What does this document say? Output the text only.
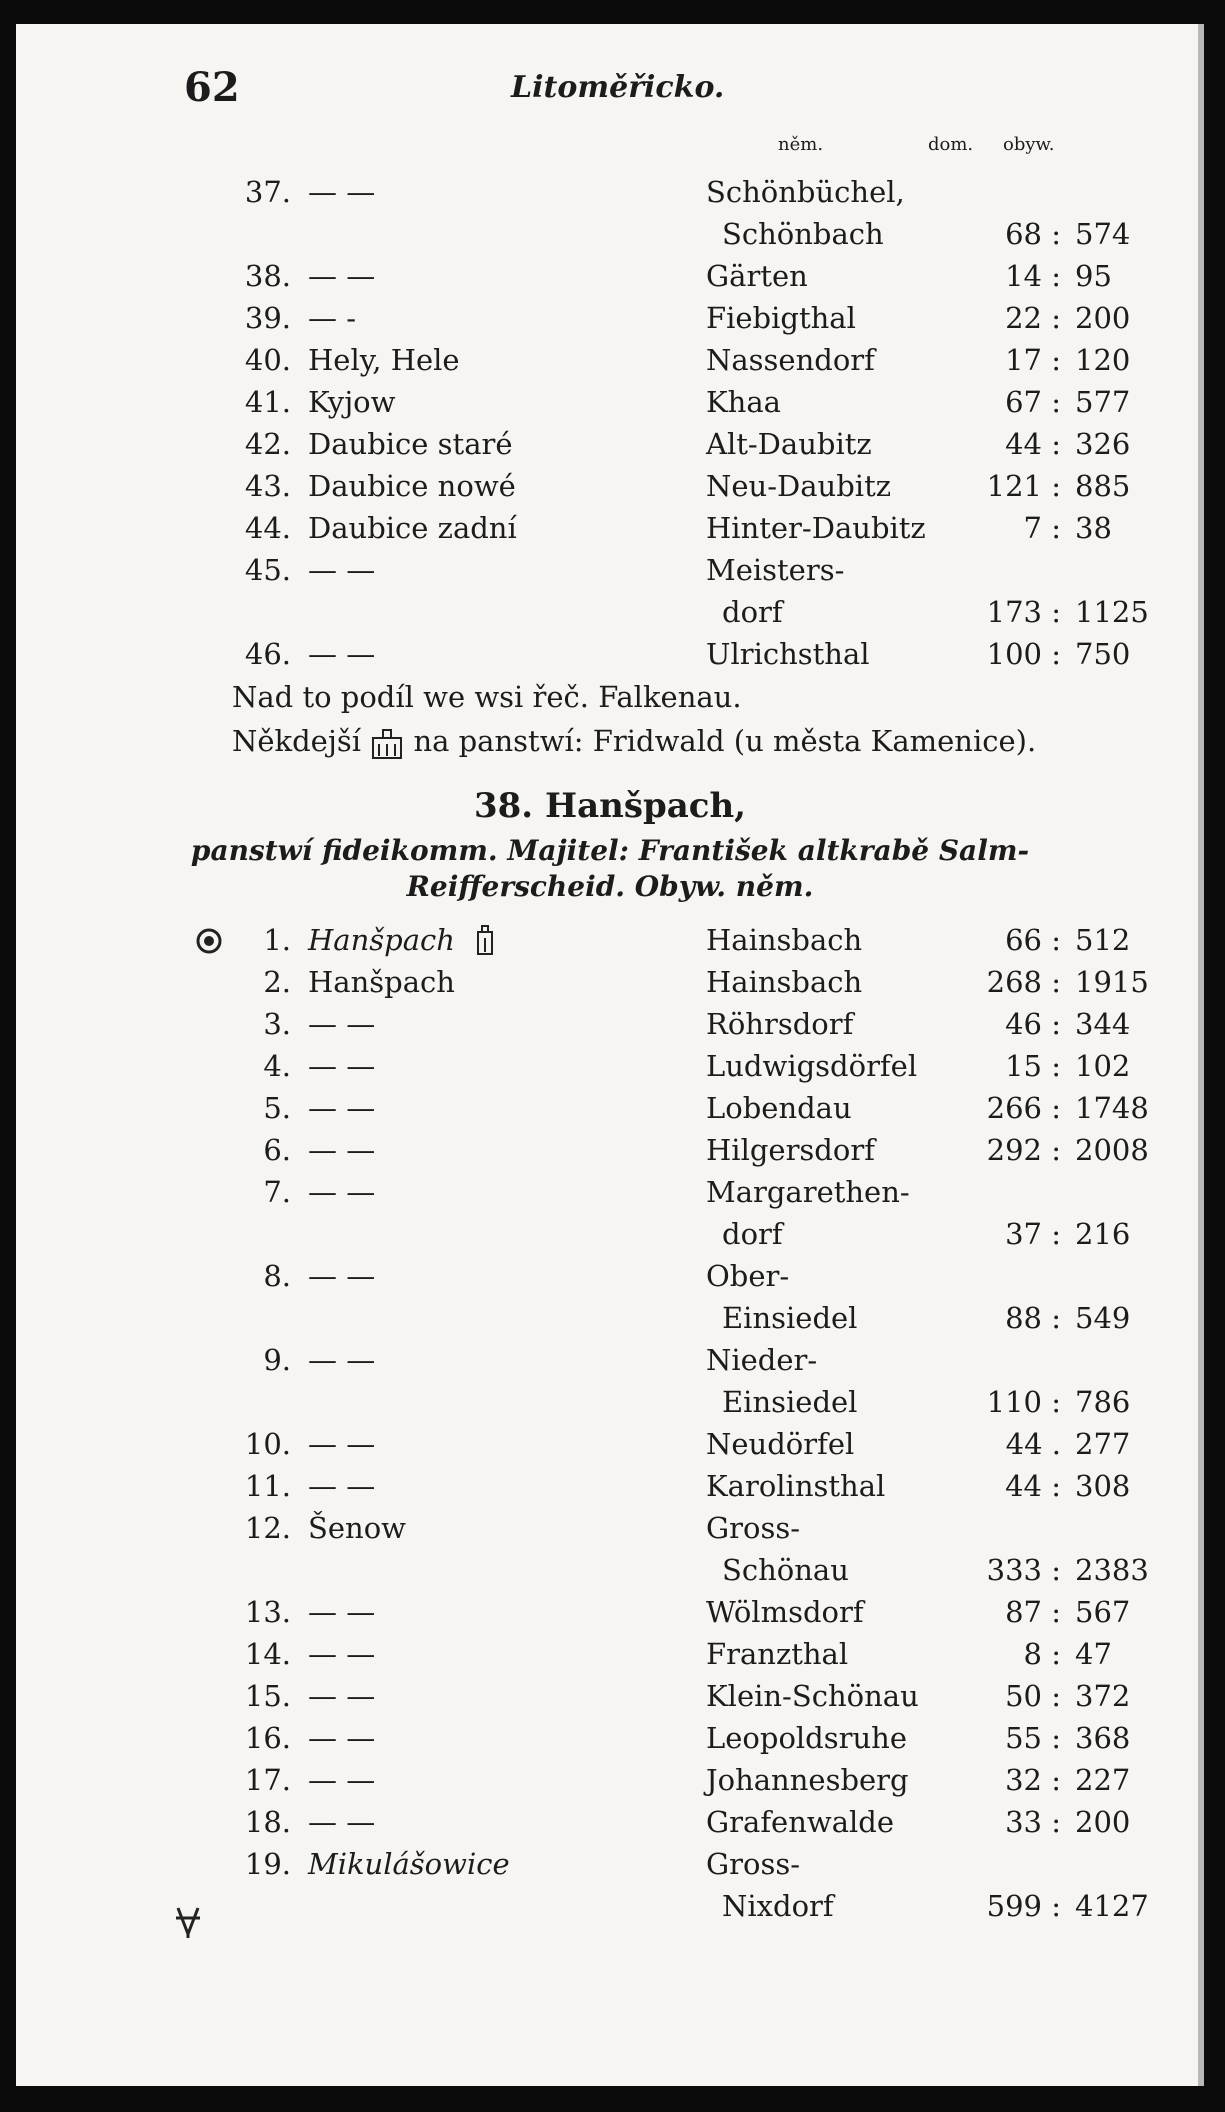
62	Litoměřicko.
něm.	dom. obyw.
37. — —	Schönbüchel,
Schönbach	68 : 574
38. — —	Gärten	14 : 95
39. — -	Fiebigthal	22 : 200
40. Hely, Hele	Nassendorf	17 : 120
41. Kyjow	Khaa	67 : 577
42. Daubice staré	Alt-Daubitz	44 : 326
43. Daubice nowé	Neu-Daubitz	121 : 885
44. Daubice zadní	Hinter-Daubitz	7 : 38
45. — —	Meisters-
dorf	173 : 1125
46. — —	Ulrichsthal	100 : 750
Nad to podíl we wsi řeč. Falkenau.
Někdejší na panstwí: Fridwald (u města Kamenice).
38. Hanšpach,
panstwí fideikomm. Majitel: František altkrabě Salm-
Reifferscheid. Obyw. něm.
1. Hanšpach	Hainsbach	66 : 512
2. Hanšpach	Hainsbach	268 : 1915
3. — —	Röhrsdorf	46 : 344
4. — —	Ludwigsdörfel	15 : 102
5. — —	Lobendau	266 : 1748
6. — —	Hilgersdorf	292 : 2008
7. — —	Margarethen-
dorf	37 : 216
8. — —	Ober-
Einsiedel	88 : 549
9. — —	Nieder-
Einsiedel	110 : 786
10. — —	Neudörfel	44 . 277
11. — —	Karolinsthal	44 : 308
12. Šenow	Gross-
Schönau	333 : 2383
13. — —	Wölmsdorf	87 : 567
14. — —	Franzthal	8 : 47
15. — —	Klein-Schönau	50 : 372
16. — —	Leopoldsruhe	55 : 368
17. — —	Johannesberg	32 : 227
18. — —	Grafenwalde	33 : 200
19. Mikulášowice	Gross-
Nixdorf	599 : 4127
